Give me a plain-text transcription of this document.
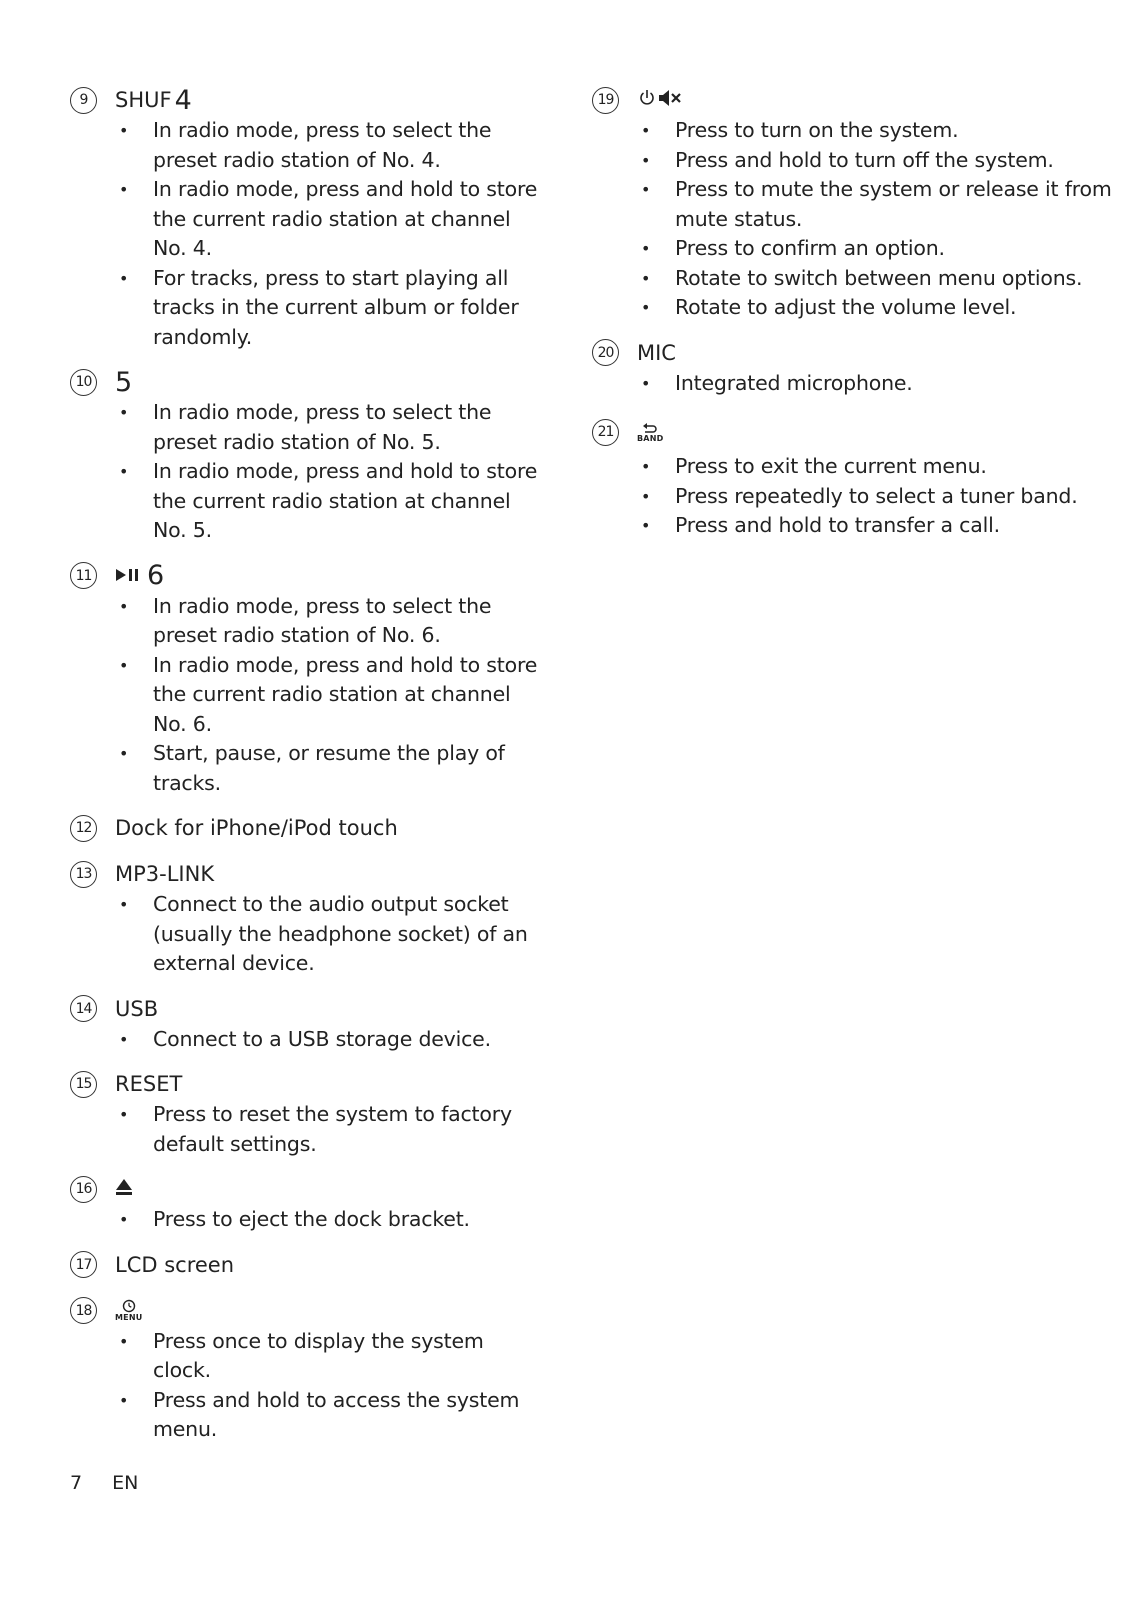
9	SHUF 4
• In radio mode, press to select the preset radio station of No. 4.
• In radio mode, press and hold to store the current radio station at channel No. 4.
• For tracks, press to start playing all tracks in the current album or folder randomly.
10 5
• In radio mode, press to select the preset radio station of No. 5.
• In radio mode, press and hold to store the current radio station at channel No. 5.
11 6
• In radio mode, press to select the preset radio station of No. 6.
• In radio mode, press and hold to store the current radio station at channel No. 6.
• Start, pause, or resume the play of tracks.
12 Dock for iPhone/iPod touch
13 MP3-LINK
• Connect to the audio output socket (usually the headphone socket) of an external device.
14 USB
• Connect to a USB storage device.
15 RESET
• Press to reset the system to factory default settings.
16
• Press to eject the dock bracket.
17 LCD screen
18	MENU
• Press once to display the system clock.
• Press and hold to access the system menu.
19
• Press to turn on the system.
• Press and hold to turn off the system.
• Press to mute the system or release it from mute status.
• Press to confirm an option.
• Rotate to switch between menu options.
• Rotate to adjust the volume level.
20 MIC
• Integrated microphone.
21	BAND
• Press to exit the current menu.
• Press repeatedly to select a tuner band.
• Press and hold to transfer a call.
7 EN
